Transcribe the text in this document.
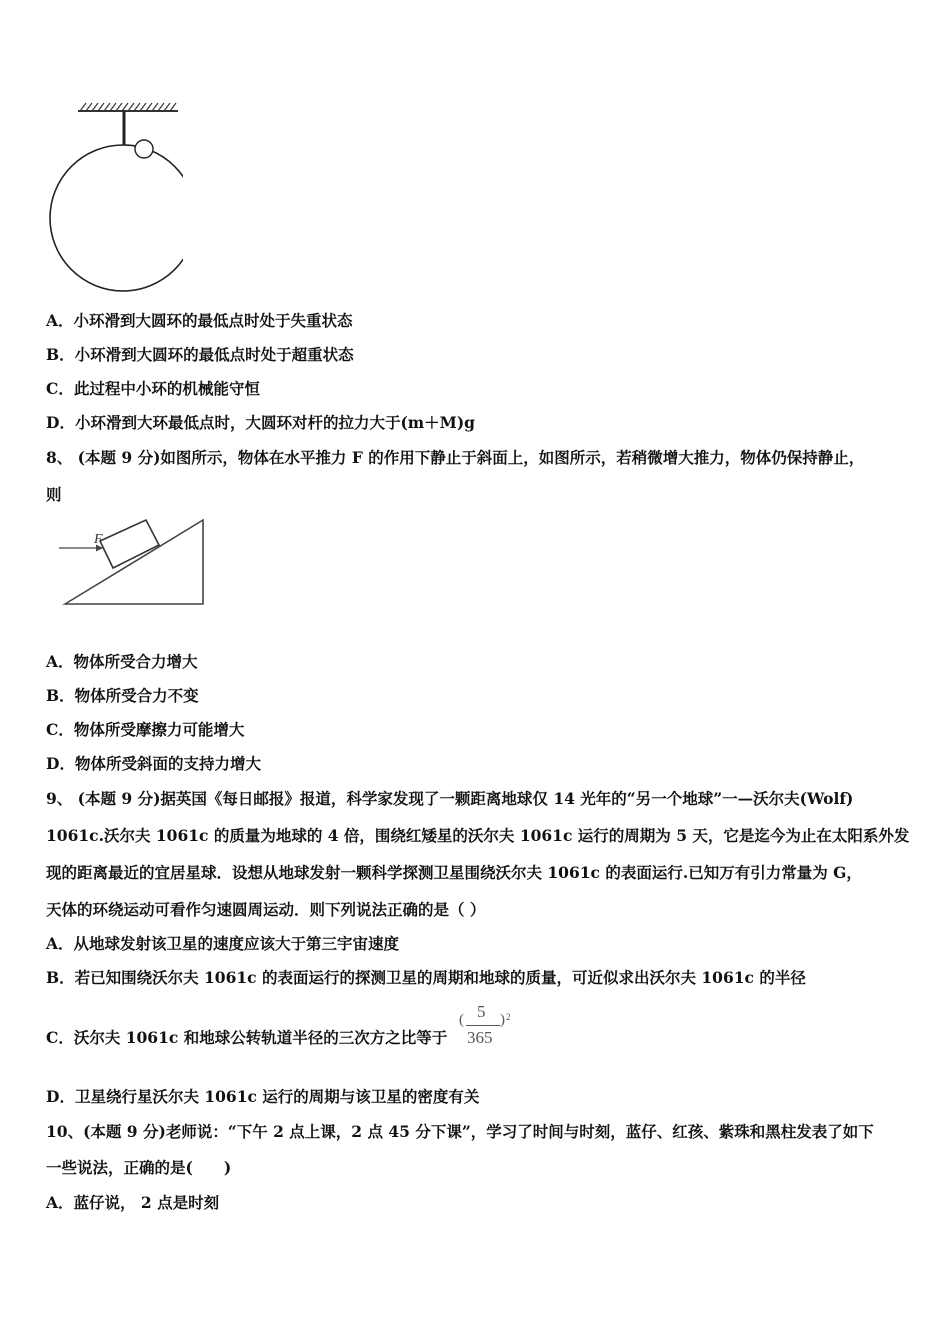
A．小环滑到大圆环的最低点时处于失重状态
B．小环滑到大圆环的最低点时处于超重状态
C．此过程中小环的机械能守恒
D．小环滑到大环最低点时，大圆环对杆的拉力大于(m＋M)g
8、 (本题 9 分)如图所示，物体在水平推力 F 的作用下静止于斜面上，如图所示，若稍微增大推力，物体仍保持静止，
则
F
A．物体所受合力增大
B．物体所受合力不变
C．物体所受摩擦力可能增大
D．物体所受斜面的支持力增大
9、 (本题 9 分)据英国《每日邮报》报道，科学家发现了一颗距离地球仅 14 光年的“另一个地球”一—沃尔夫(Wolf)
1061c.沃尔夫 1061c 的质量为地球的 4 倍，围绕红矮星的沃尔夫 1061c 运行的周期为 5 天，它是迄今为止在太阳系外发
现的距离最近的宜居星球．设想从地球发射一颗科学探测卫星围绕沃尔夫 1061c 的表面运行.已知万有引力常量为 G，
天体的环绕运动可看作匀速圆周运动．则下列说法正确的是（ ）
A．从地球发射该卫星的速度应该大于第三宇宙速度
B．若已知围绕沃尔夫 1061c 的表面运行的探测卫星的周期和地球的质量，可近似求出沃尔夫 1061c 的半径
C．沃尔夫 1061c 和地球公转轨道半径的三次方之比等于
( 5
365
) 2
D．卫星绕行星沃尔夫 1061c 运行的周期与该卫星的密度有关
10、(本题 9 分)老师说：“下午 2 点上课，2 点 45 分下课”，学习了时间与时刻，蓝仔、红孩、紫珠和黑柱发表了如下
一些说法，正确的是(　　)
A．蓝仔说， 2 点是时刻
